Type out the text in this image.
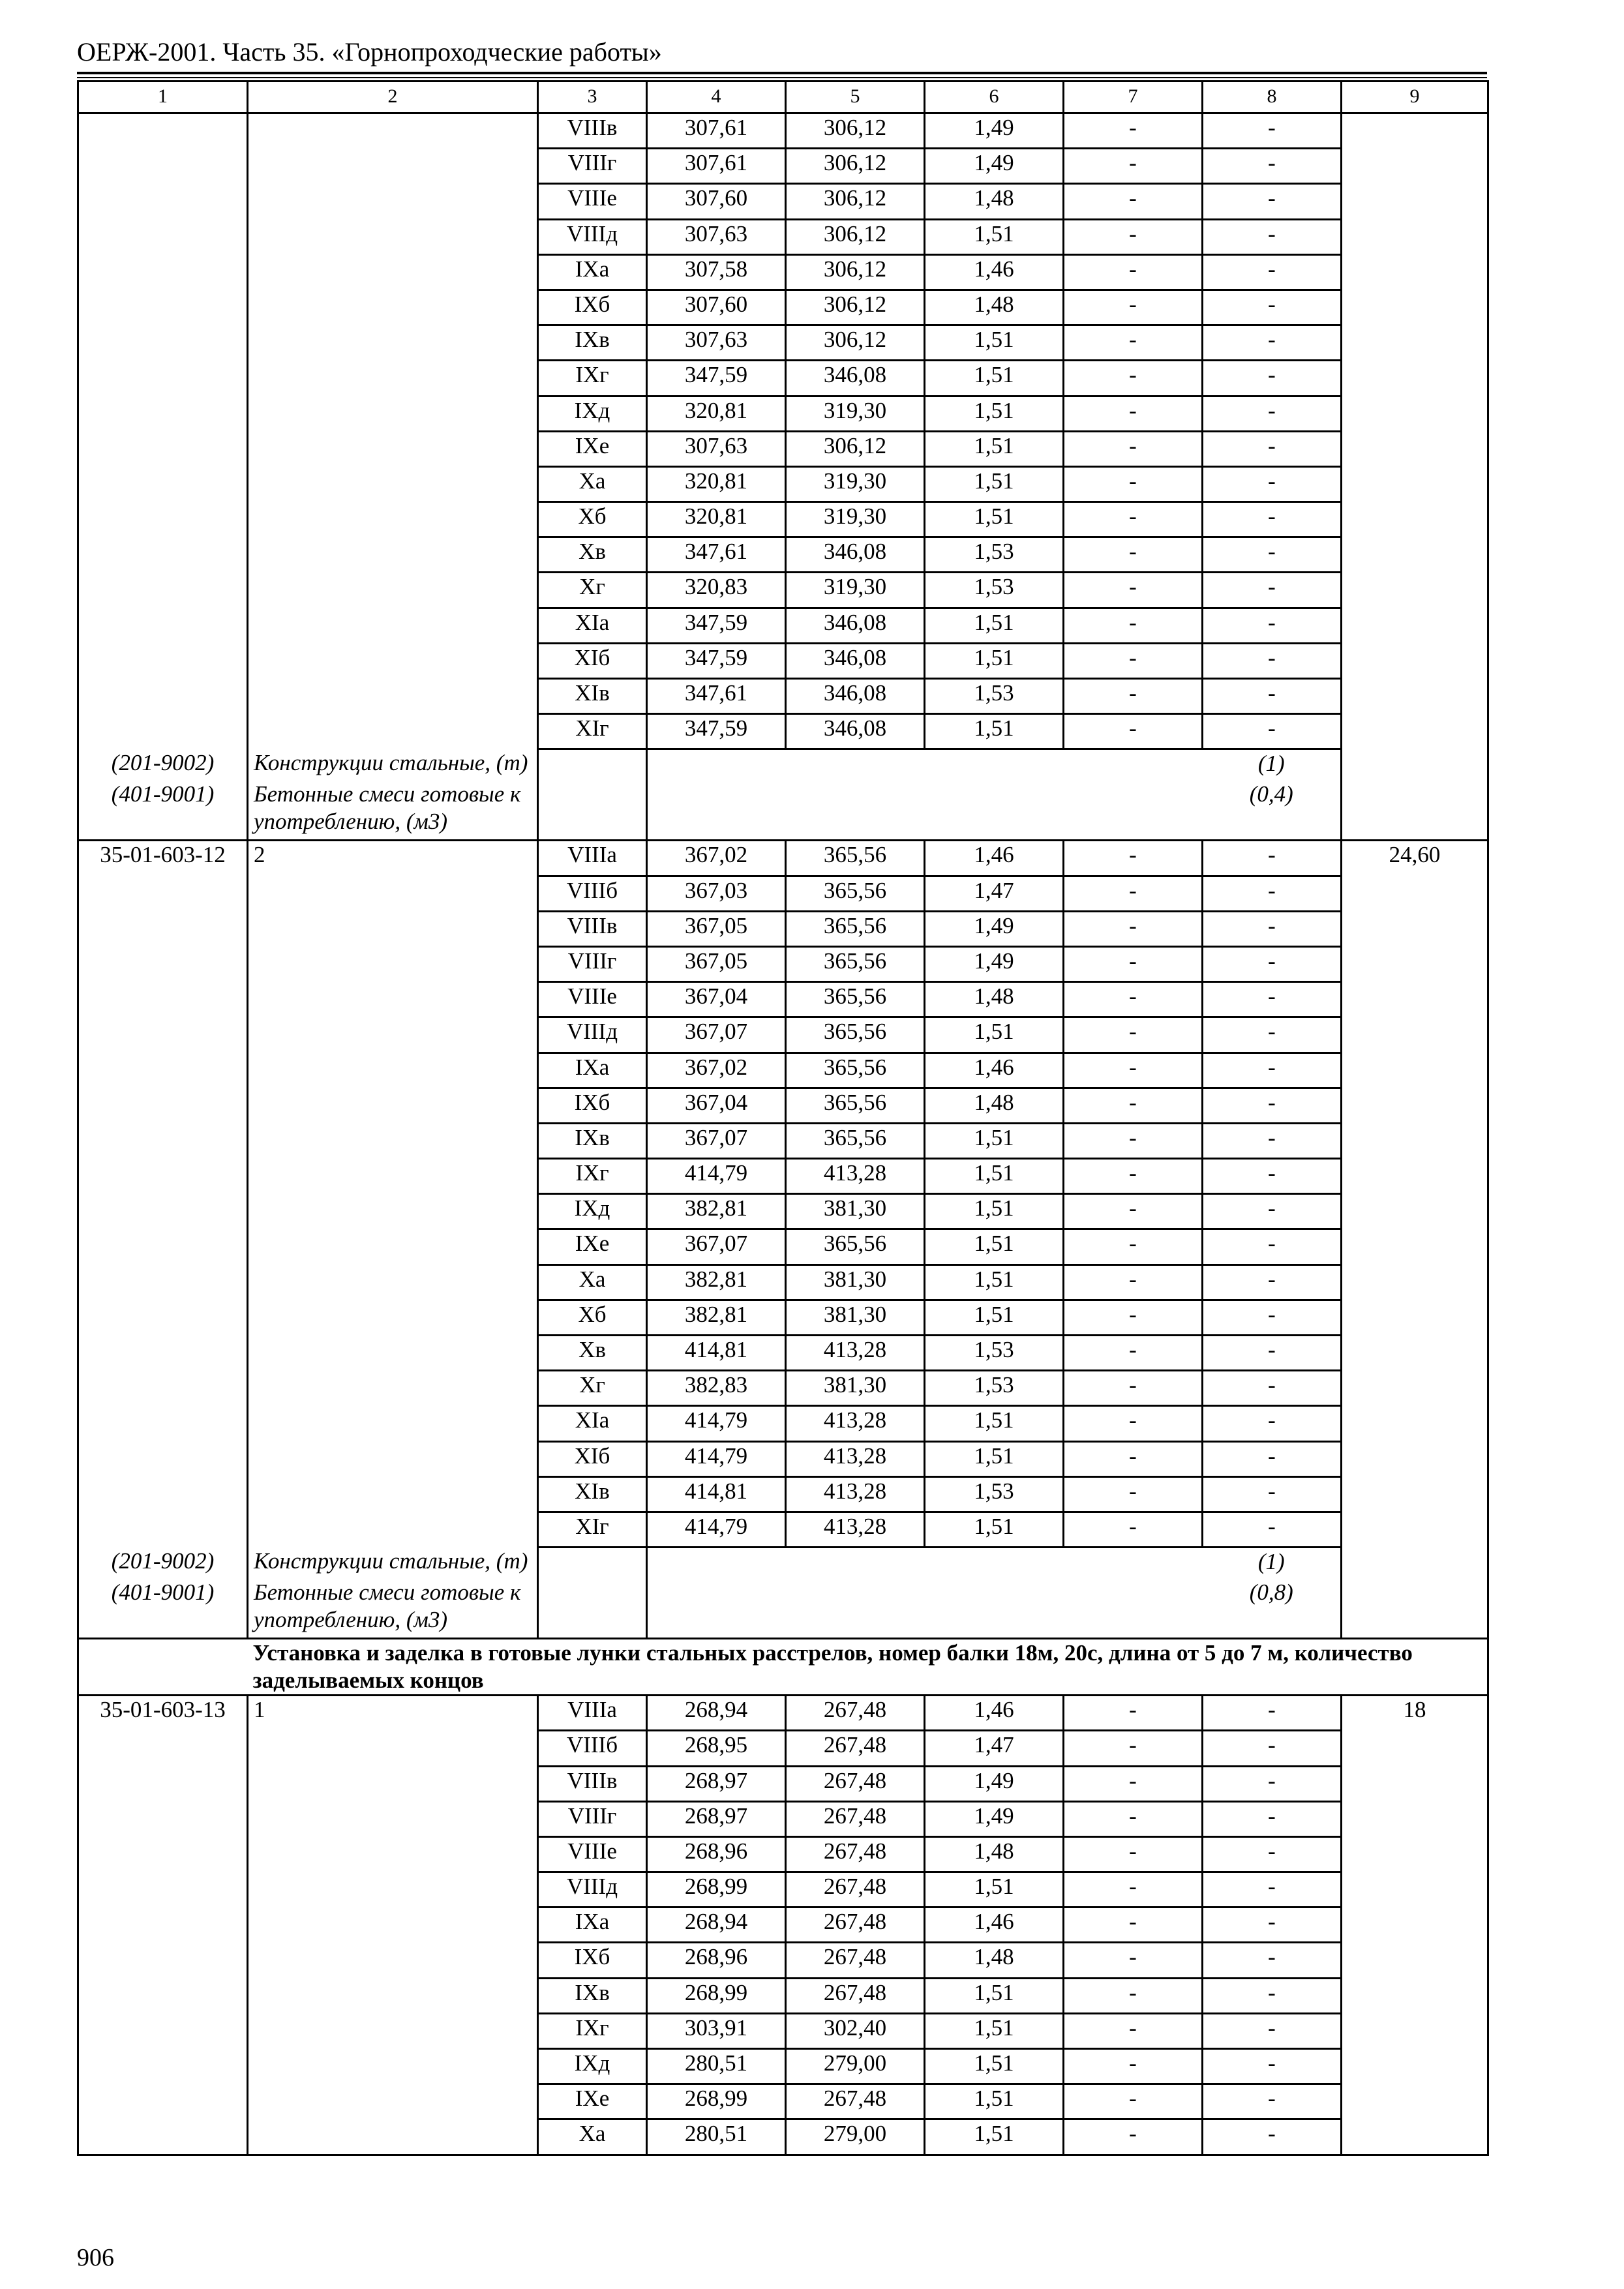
ОЕРЖ-2001. Часть 35. «Горнопроходческие работы»
1	2	3	4	5	6	7	8	9
		VIIIв	307,61	306,12	1,49	-	-	
		VIIIг	307,61	306,12	1,49	-	-	
		VIIIе	307,60	306,12	1,48	-	-	
		VIIIд	307,63	306,12	1,51	-	-	
		IXа	307,58	306,12	1,46	-	-	
		IXб	307,60	306,12	1,48	-	-	
		IXв	307,63	306,12	1,51	-	-	
		IXг	347,59	346,08	1,51	-	-	
		IXд	320,81	319,30	1,51	-	-	
		IXе	307,63	306,12	1,51	-	-	
		Xа	320,81	319,30	1,51	-	-	
		Xб	320,81	319,30	1,51	-	-	
		Xв	347,61	346,08	1,53	-	-	
		Xг	320,83	319,30	1,53	-	-	
		XIа	347,59	346,08	1,51	-	-	
		XIб	347,59	346,08	1,51	-	-	
		XIв	347,61	346,08	1,53	-	-	
		XIг	347,59	346,08	1,51	-	-	
(201-9002)	Конструкции стальные, (т)						(1)	
(401-9001)	Бетонные смеси готовые к употреблению, (м3)						(0,4)	
35-01-603-12	2	VIIIа	367,02	365,56	1,46	-	-	24,60
		VIIIб	367,03	365,56	1,47	-	-	
		VIIIв	367,05	365,56	1,49	-	-	
		VIIIг	367,05	365,56	1,49	-	-	
		VIIIе	367,04	365,56	1,48	-	-	
		VIIIд	367,07	365,56	1,51	-	-	
		IXа	367,02	365,56	1,46	-	-	
		IXб	367,04	365,56	1,48	-	-	
		IXв	367,07	365,56	1,51	-	-	
		IXг	414,79	413,28	1,51	-	-	
		IXд	382,81	381,30	1,51	-	-	
		IXе	367,07	365,56	1,51	-	-	
		Xа	382,81	381,30	1,51	-	-	
		Xб	382,81	381,30	1,51	-	-	
		Xв	414,81	413,28	1,53	-	-	
		Xг	382,83	381,30	1,53	-	-	
		XIа	414,79	413,28	1,51	-	-	
		XIб	414,79	413,28	1,51	-	-	
		XIв	414,81	413,28	1,53	-	-	
		XIг	414,79	413,28	1,51	-	-	
(201-9002)	Конструкции стальные, (т)						(1)	
(401-9001)	Бетонные смеси готовые к употреблению, (м3)						(0,8)	
	Установка и заделка в готовые лунки стальных расстрелов, номер балки 18м, 20с, длина от 5 до 7 м, количество заделываемых концов							
35-01-603-13	1	VIIIа	268,94	267,48	1,46	-	-	18
		VIIIб	268,95	267,48	1,47	-	-	
		VIIIв	268,97	267,48	1,49	-	-	
		VIIIг	268,97	267,48	1,49	-	-	
		VIIIе	268,96	267,48	1,48	-	-	
		VIIIд	268,99	267,48	1,51	-	-	
		IXа	268,94	267,48	1,46	-	-	
		IXб	268,96	267,48	1,48	-	-	
		IXв	268,99	267,48	1,51	-	-	
		IXг	303,91	302,40	1,51	-	-	
		IXд	280,51	279,00	1,51	-	-	
		IXе	268,99	267,48	1,51	-	-	
		Xа	280,51	279,00	1,51	-	-	
906
